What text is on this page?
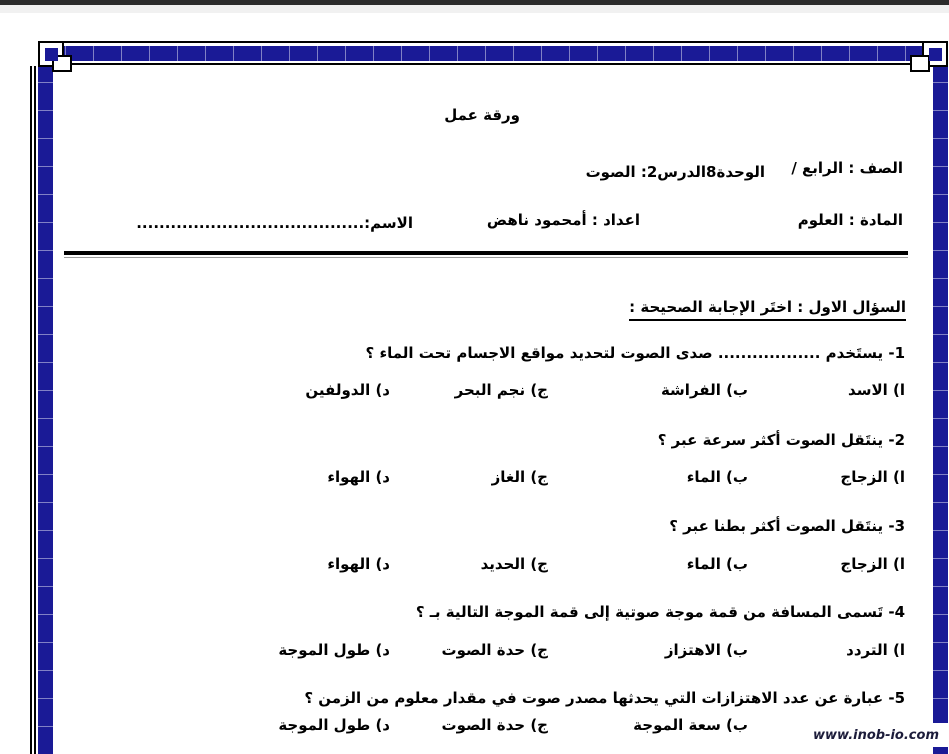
ورقة عمل
الصف : الرابع /
الوحدة8الدرس2: الصوت
المادة : العلوم
اعداد : أمحمود ناهض
الاسم:........................................
السؤال الاول : اختَر الإجابة الصحيحة :
1- يستَخدم .................. صدى الصوت لتحديد مواقع الاجسام تحت الماء ؟
ا) الاسد
ب) الفراشة
ج) نجم البحر
د) الدولفين
2- ينتَقل الصوت أكثر سرعة عبر ؟
ا) الزجاج
ب) الماء
ج) الغاز
د) الهواء
3- ينتَقل الصوت أكثر بطنا عبر ؟
ا) الزجاج
ب) الماء
ج) الحديد
د) الهواء
4- تَسمى المسافة من قمة موجة صوتية إلى قمة الموجة التالية بـ ؟
ا) التردد
ب) الاهتزاز
ج) حدة الصوت
د) طول الموجة
5- عبارة عن عدد الاهتزازات التي يحدثها مصدر صوت في مقدار معلوم من الزمن ؟
ب) سعة الموجة
ج) حدة الصوت
د) طول الموجة
www.inob-io.com
